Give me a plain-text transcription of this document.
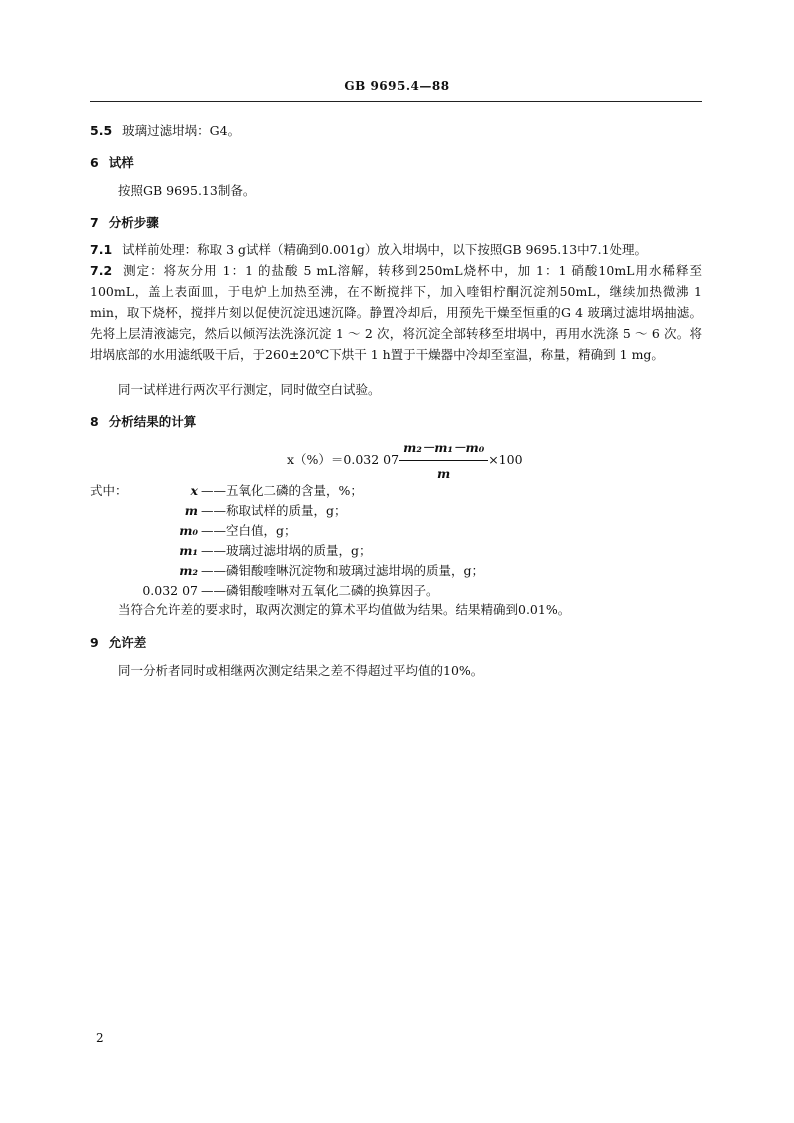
GB 9695.4—88
5.5 玻璃过滤坩埚：G4。
6 试样
按照GB 9695.13制备。
7 分析步骤
7.1 试样前处理：称取 3 g试样（精确到0.001g）放入坩埚中，以下按照GB 9695.13中7.1处理。
7.2 测定：将灰分用 1：1 的盐酸 5 mL溶解，转移到250mL烧杯中，加 1：1 硝酸10mL用水稀释至100mL，盖上表面皿，于电炉上加热至沸，在不断搅拌下，加入喹钼柠酮沉淀剂50mL，继续加热微沸 1 min，取下烧杯，搅拌片刻以促使沉淀迅速沉降。静置冷却后，用预先干燥至恒重的G 4 玻璃过滤坩埚抽滤。先将上层清液滤完，然后以倾泻法洗涤沉淀 1 ～ 2 次，将沉淀全部转移至坩埚中，再用水洗涤 5 ～ 6 次。将坩埚底部的水用滤纸吸干后，于260±20℃下烘干 1 h置于干燥器中冷却至室温，称量，精确到 1 mg。
同一试样进行两次平行测定，同时做空白试验。
8 分析结果的计算
x（%）＝0.032 $07 \frac{\text{m₂－m₁－m₀}}{m} \times 100$
式中：	x ——五氧化二磷的含量，%；
m ——称取试样的质量，g；
m₀ ——空白值，g；
m₁ ——玻璃过滤坩埚的质量，g；
m₂ ——磷钼酸喹啉沉淀物和玻璃过滤坩埚的质量，g；
0.032 07 ——磷钼酸喹啉对五氧化二磷的换算因子。
当符合允许差的要求时，取两次测定的算术平均值做为结果。结果精确到0.01%。
9 允许差
同一分析者同时或相继两次测定结果之差不得超过平均值的10%。
2
